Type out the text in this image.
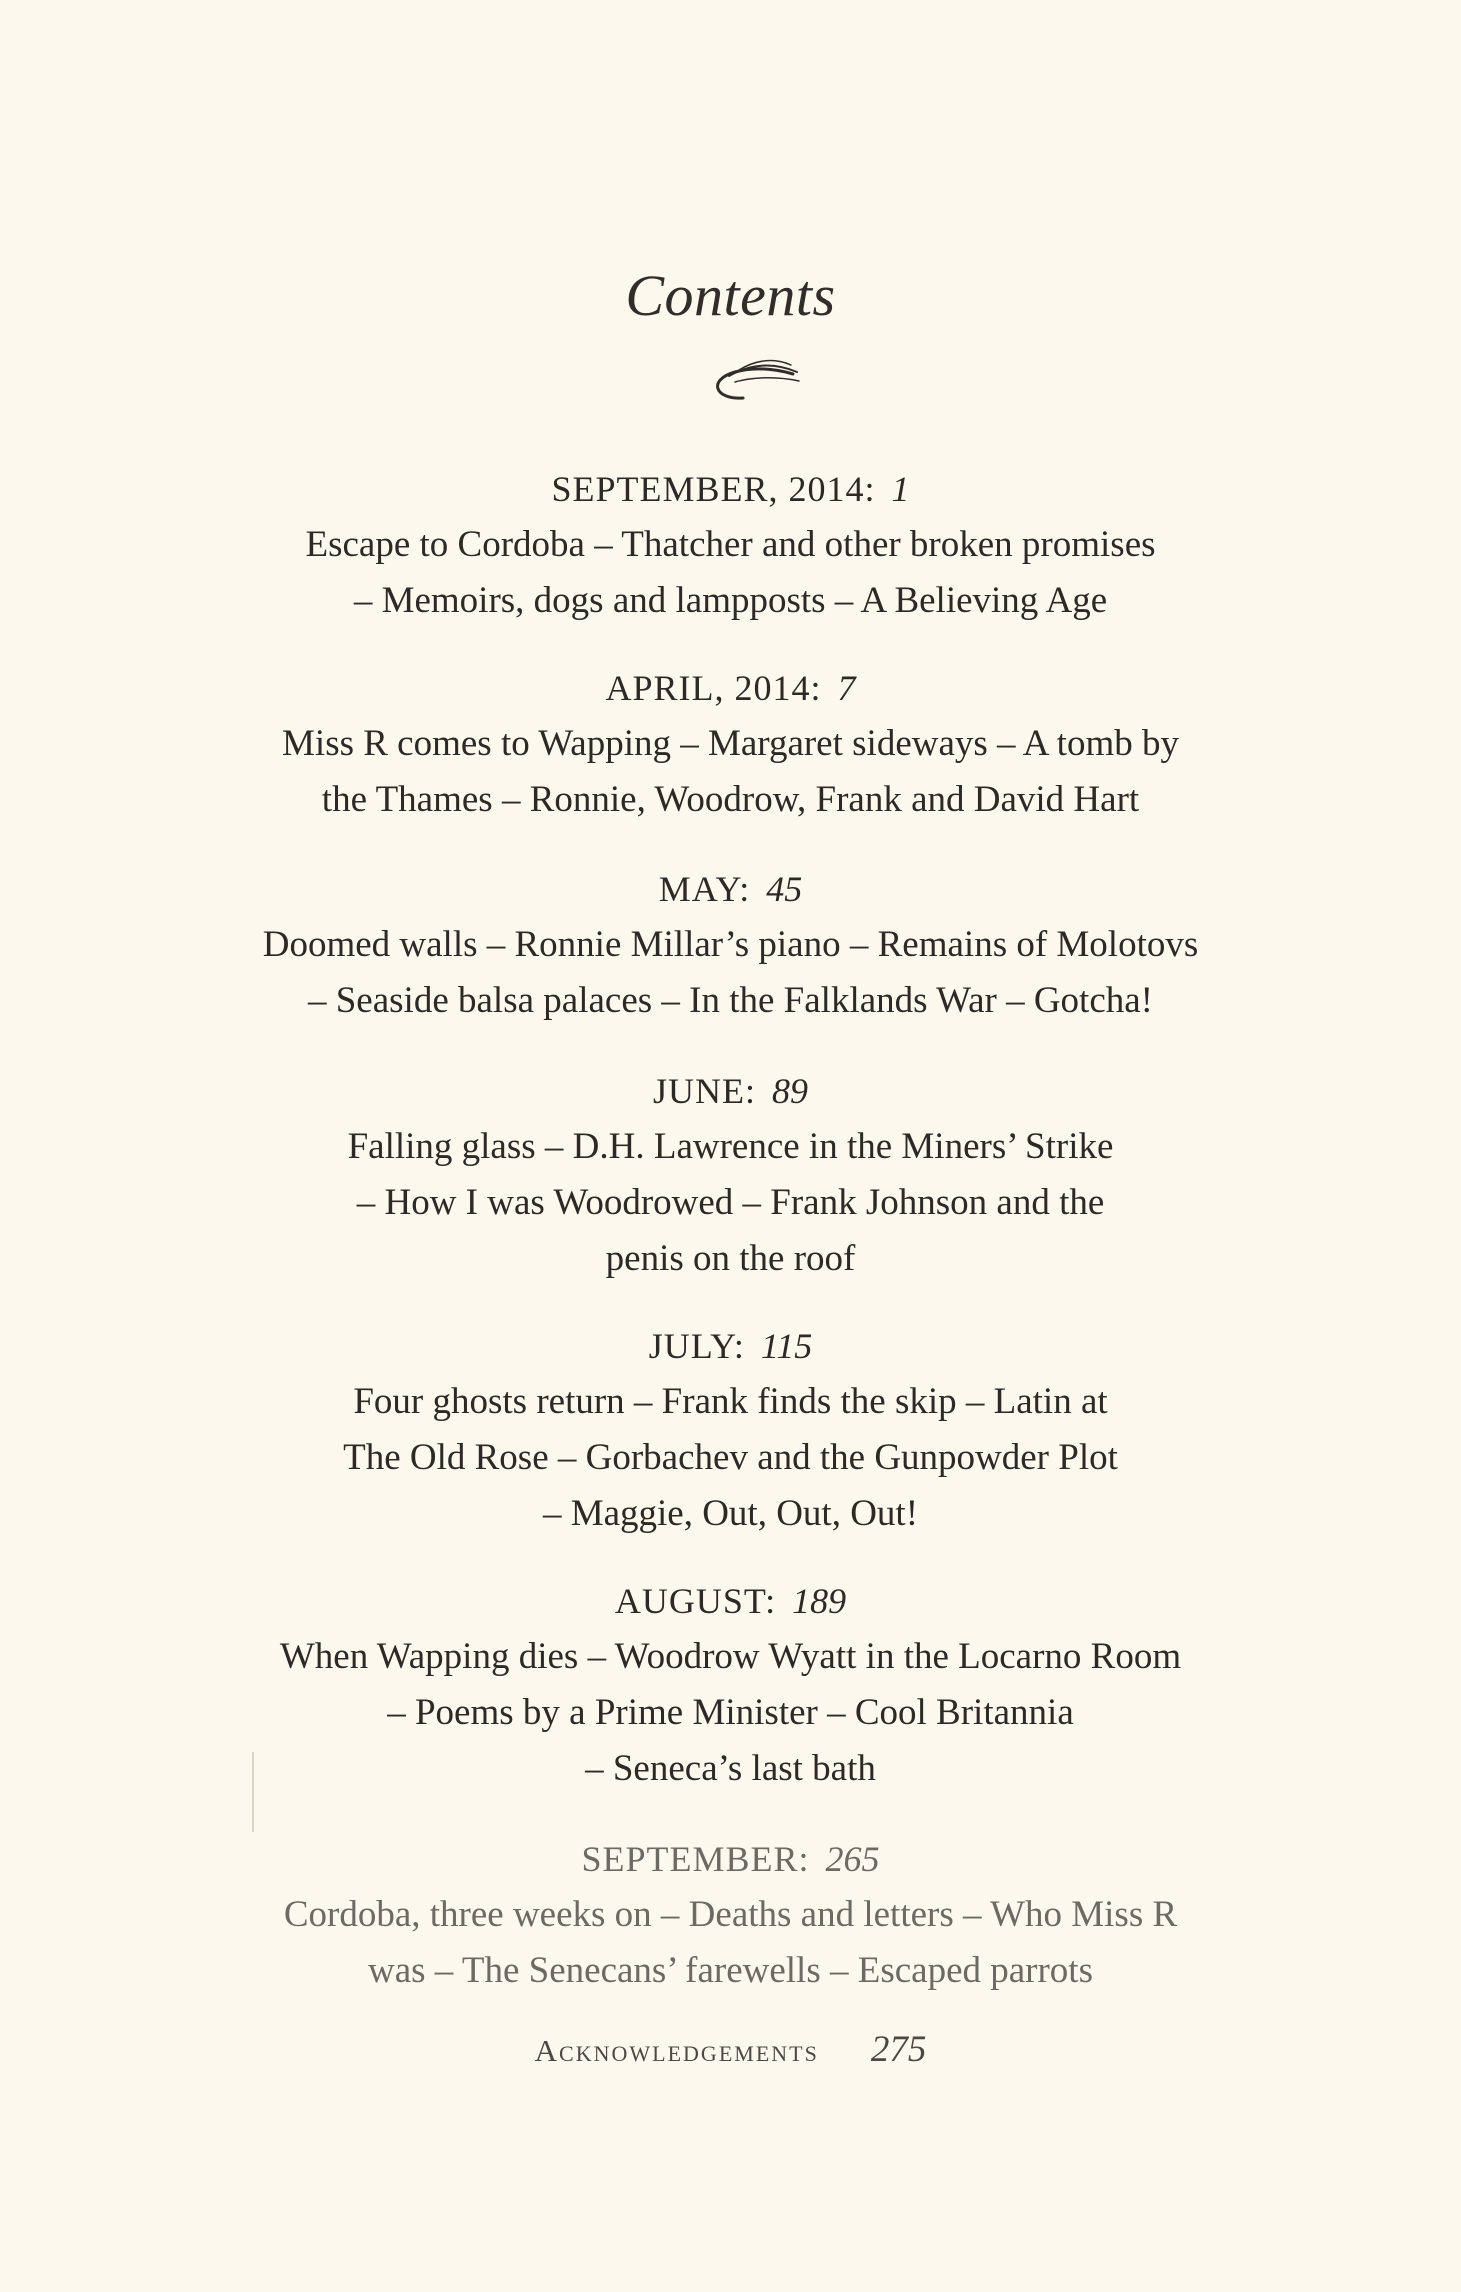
Contents
SEPTEMBER, 2014: 1
Escape to Cordoba – Thatcher and other broken promises
– Memoirs, dogs and lampposts – A Believing Age
APRIL, 2014: 7
Miss R comes to Wapping – Margaret sideways – A tomb by
the Thames – Ronnie, Woodrow, Frank and David Hart
MAY: 45
Doomed walls – Ronnie Millar’s piano – Remains of Molotovs
– Seaside balsa palaces – In the Falklands War – Gotcha!
JUNE: 89
Falling glass – D.H. Lawrence in the Miners’ Strike
– How I was Woodrowed – Frank Johnson and the
penis on the roof
JULY: 115
Four ghosts return – Frank finds the skip – Latin at
The Old Rose – Gorbachev and the Gunpowder Plot
– Maggie, Out, Out, Out!
AUGUST: 189
When Wapping dies – Woodrow Wyatt in the Locarno Room
– Poems by a Prime Minister – Cool Britannia
– Seneca’s last bath
SEPTEMBER: 265
Cordoba, three weeks on – Deaths and letters – Who Miss R
was – The Senecans’ farewells – Escaped parrots
Acknowledgements 275
